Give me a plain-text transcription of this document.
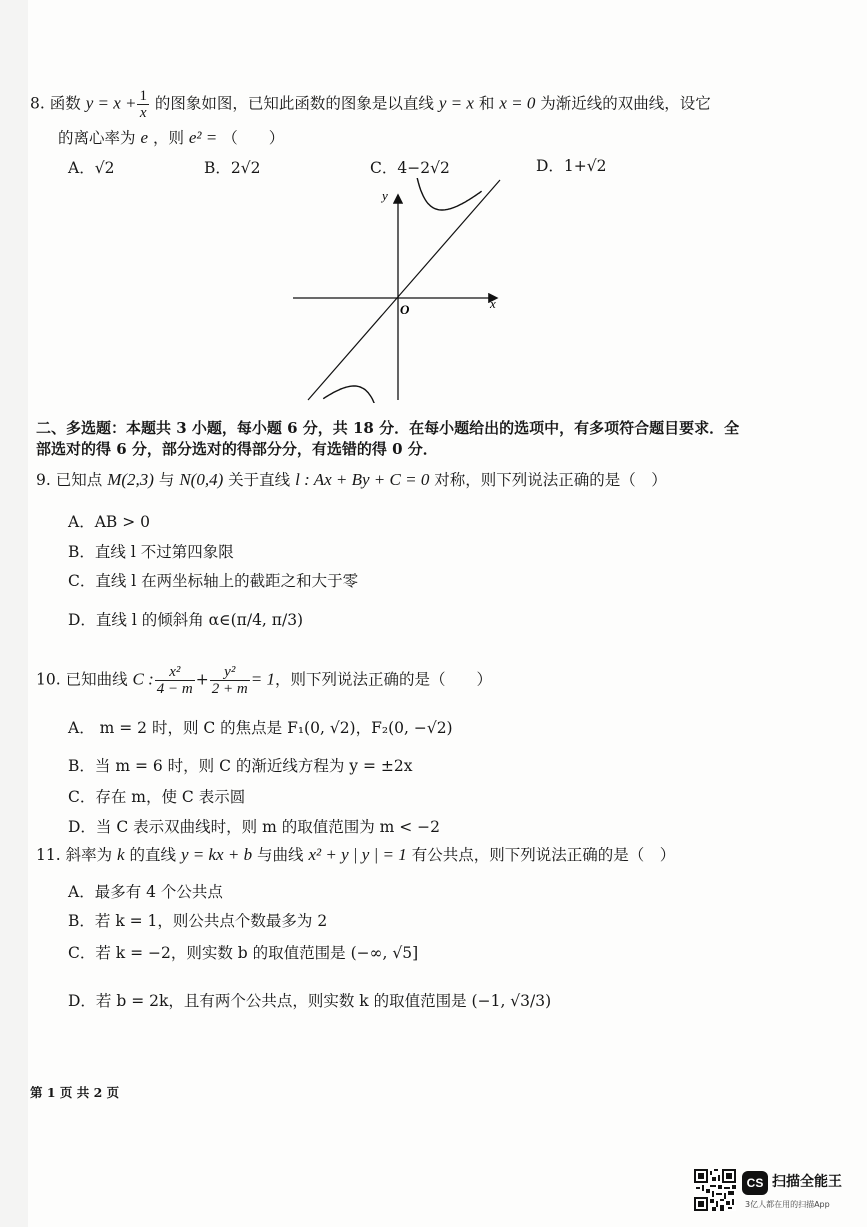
8. 函数 $y = x + \frac{1}{x}$ 的图象如图，已知此函数的图象是以直线 y = x 和 x = 0 为渐近线的双曲线，设它
的离心率为 e ，则 e² = （　　）
A．√2	B．2√2	C．4−2√2	D．1+√2
y
x
O
二、多选题：本题共 3 小题，每小题 6 分，共 18 分．在每小题给出的选项中，有多项符合题目要求．全
部选对的得 6 分，部分选对的得部分分，有选错的得 0 分．
9. 已知点 M(2,3) 与 N(0,4) 关于直线 l : Ax + By + C = 0 对称，则下列说法正确的是（　）
A．AB > 0
B．直线 l 不过第四象限
C．直线 l 在两坐标轴上的截距之和大于零
D．直线 l 的倾斜角 α∈(π/4, π/3)
10. 已知曲线 C : $\frac{\text{x²}}{4 - m} + \frac{\text{y²}}{2 + m} = 1$，则下列说法正确的是（　　）
A． m = 2 时，则 C 的焦点是 F₁(0, √2)，F₂(0, −√2)
B．当 m = 6 时，则 C 的渐近线方程为 y = ±2x
C．存在 m，使 C 表示圆
D．当 C 表示双曲线时，则 m 的取值范围为 m < −2
11. 斜率为 k 的直线 y = kx + b 与曲线 x² + y | y | = 1 有公共点，则下列说法正确的是（　）
A．最多有 4 个公共点
B．若 k = 1，则公共点个数最多为 2
C．若 k = −2，则实数 b 的取值范围是 (−∞, √5]
D．若 b = 2k，且有两个公共点，则实数 k 的取值范围是 (−1, √3/3)
第 1 页 共 2 页
CS 扫描全能王
3亿人都在用的扫描App
